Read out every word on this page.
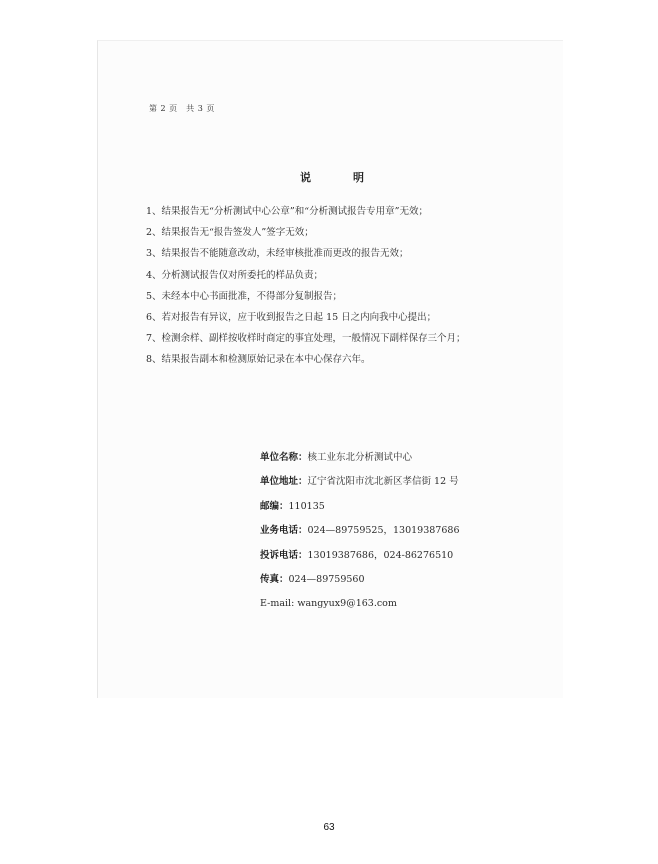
第 2 页　共 3 页
说	明
1、结果报告无“分析测试中心公章”和“分析测试报告专用章”无效；
2、结果报告无“报告签发人”签字无效；
3、结果报告不能随意改动，未经审核批准而更改的报告无效；
4、分析测试报告仅对所委托的样品负责；
5、未经本中心书面批准，不得部分复制报告；
6、若对报告有异议，应于收到报告之日起 15 日之内向我中心提出；
7、检测余样、副样按收样时商定的事宜处理，一般情况下副样保存三个月；
8、结果报告副本和检测原始记录在本中心保存六年。
单位名称：核工业东北分析测试中心
单位地址：辽宁省沈阳市沈北新区孝信街 12 号
邮编：110135
业务电话：024—89759525，13019387686
投诉电话：13019387686，024-86276510
传真：024—89759560
E-mail: wangyux9@163.com
63
